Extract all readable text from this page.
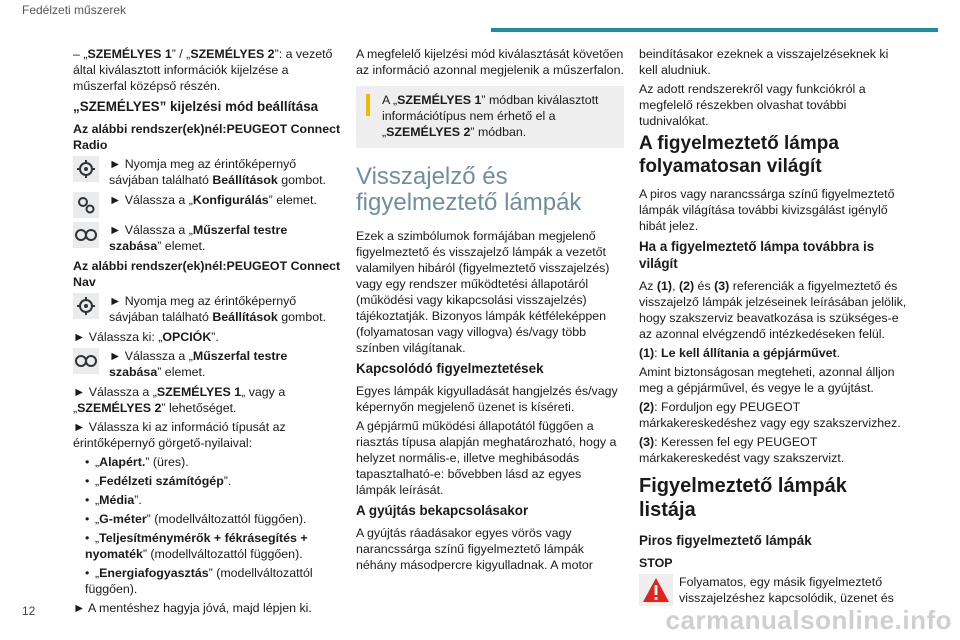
Fedélzeti műszerek

– „SZEMÉLYES 1” / „SZEMÉLYES 2”: a vezető által kiválasztott információk kijelzése a műszerfal középső részén.

„SZEMÉLYES” kijelzési mód beállítása

Az alábbi rendszer(ek)nél:PEUGEOT Connect Radio

► Nyomja meg az érintőképernyő sávjában található Beállítások gombot.
► Válassza a „Konfigurálás” elemet.
► Válassza a „Műszerfal testre szabása” elemet.

Az alábbi rendszer(ek)nél:PEUGEOT Connect Nav

► Nyomja meg az érintőképernyő sávjában található Beállítások gombot.

► Válassza ki: „OPCIÓK”.

► Válassza a „Műszerfal testre szabása” elemet.

► Válassza a „SZEMÉLYES 1„ vagy a „SZEMÉLYES 2” lehetőséget.

► Válassza ki az információ típusát az érintőképernyő görgető-nyilaival:

• „Alapért.” (üres).

• „Fedélzeti számítógép”.

• „Média”.

• „G-méter” (modellváltozattól függően).

• „Teljesítménymérők + fékrásegítés + nyomaték” (modellváltozattól függően).

• „Energiafogyasztás” (modellváltozattól függően).

► A mentéshez hagyja jóvá, majd lépjen ki.

A megfelelő kijelzési mód kiválasztását követően az információ azonnal megjelenik a műszerfalon.

A „SZEMÉLYES 1” módban kiválasztott információtípus nem érhető el a „SZEMÉLYES 2” módban.
Visszajelző és figyelmeztető lámpák

Ezek a szimbólumok formájában megjelenő figyelmeztető és visszajelző lámpák a vezetőt valamilyen hibáról (figyelmeztető visszajelzés) vagy egy rendszer működtetési állapotáról (működési vagy kikapcsolási visszajelzés) tájékoztatják. Bizonyos lámpák kétféleképpen (folyamatosan vagy villogva) és/vagy több színben világítanak.

Kapcsolódó figyelmeztetések

Egyes lámpák kigyulladását hangjelzés és/vagy képernyőn megjelenő üzenet is kíséreti.

A gépjármű működési állapotától függően a riasztás típusa alapján meghatározható, hogy a helyzet normális-e, illetve meghibásodás tapasztalható-e: bővebben lásd az egyes lámpák leírását.

A gyújtás bekapcsolásakor

A gyújtás ráadásakor egyes vörös vagy narancssárga színű figyelmeztető lámpák néhány másodpercre kigyulladnak. A motor

beindításakor ezeknek a visszajelzéseknek ki kell aludniuk.

Az adott rendszerekről vagy funkciókról a megfelelő részekben olvashat további tudnivalókat.

A figyelmeztető lámpa folyamatosan világít

A piros vagy narancssárga színű figyelmeztető lámpák világítása további kivizsgálást igénylő hibát jelez.

Ha a figyelmeztető lámpa továbbra is világít

Az (1), (2) és (3) referenciák a figyelmeztető és visszajelző lámpák jelzéseinek leírásában jelölik, hogy szakszerviz beavatkozása is szükséges-e az azonnal elvégzendő intézkedéseken felül.

(1): Le kell állítania a gépjárművet.

Amint biztonságosan megteheti, azonnal álljon meg a gépjárművel, és vegye le a gyújtást.

(2): Forduljon egy PEUGEOT márkakereskedéshez vagy egy szakszervizhez.

(3): Keressen fel egy PEUGEOT márkakereskedést vagy szakszervizt.

Figyelmeztető lámpák listája
Piros figyelmeztető lámpák

STOP

Folyamatos, egy másik figyelmeztető visszajelzéshez kapcsolódik, üzenet és
12	carmanualsonline.info
